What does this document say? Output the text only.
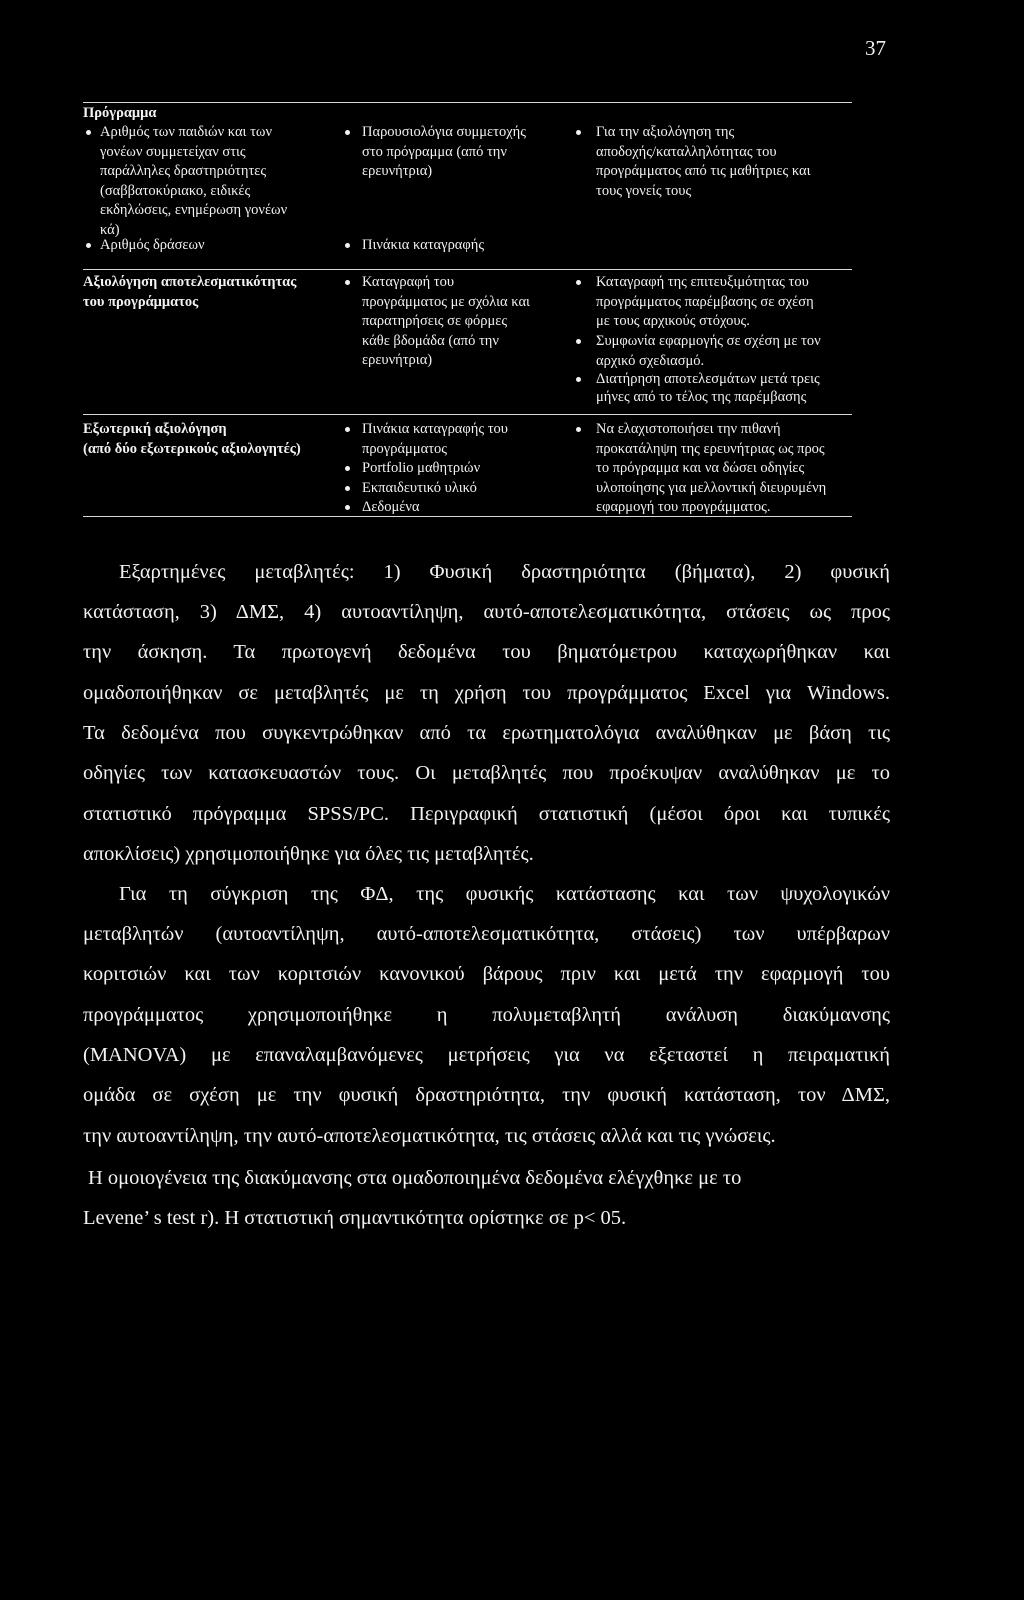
37
Πρόγραμμα
Αριθμός των παιδιών και των
γονέων συμμετείχαν στις
παράλληλες δραστηριότητες
(σαββατοκύριακο, ειδικές
εκδηλώσεις, ενημέρωση γονέων
κά)
Αριθμός δράσεων
Παρουσιολόγια συμμετοχής
στο πρόγραμμα (από την
ερευνήτρια)
Πινάκια καταγραφής
Για την αξιολόγηση της
αποδοχής/καταλληλότητας του
προγράμματος από τις μαθήτριες και
τους γονείς τους
Αξιολόγηση αποτελεσματικότητας
του προγράμματος
Καταγραφή του
προγράμματος με σχόλια και
παρατηρήσεις σε φόρμες
κάθε βδομάδα (από την
ερευνήτρια)
Καταγραφή της επιτευξιμότητας του
προγράμματος παρέμβασης σε σχέση
με τους αρχικούς στόχους.
Συμφωνία εφαρμογής σε σχέση με τον
αρχικό σχεδιασμό.
Διατήρηση αποτελεσμάτων μετά τρεις
μήνες από το τέλος της παρέμβασης
Εξωτερική αξιολόγηση
(από δύο εξωτερικούς αξιολογητές)
Πινάκια καταγραφής του
προγράμματος
Portfolio μαθητριών
Εκπαιδευτικό υλικό
Δεδομένα
Να ελαχιστοποιήσει την πιθανή
προκατάληψη της ερευνήτριας ως προς
το πρόγραμμα και να δώσει οδηγίες
υλοποίησης για μελλοντική διευρυμένη
εφαρμογή του προγράμματος.
Εξαρτημένες μεταβλητές: 1) Φυσική δραστηριότητα (βήματα), 2) φυσική
κατάσταση, 3) ΔΜΣ, 4) αυτοαντίληψη, αυτό-αποτελεσματικότητα, στάσεις ως προς
την άσκηση. Τα πρωτογενή δεδομένα του βηματόμετρου καταχωρήθηκαν και
ομαδοποιήθηκαν σε μεταβλητές με τη χρήση του προγράμματος Excel για Windows.
Τα δεδομένα που συγκεντρώθηκαν από τα ερωτηματολόγια αναλύθηκαν με βάση τις
οδηγίες των κατασκευαστών τους. Οι μεταβλητές που προέκυψαν αναλύθηκαν με το
στατιστικό πρόγραμμα SPSS/PC. Περιγραφική στατιστική (μέσοι όροι και τυπικές
αποκλίσεις) χρησιμοποιήθηκε για όλες τις μεταβλητές.
Για τη σύγκριση της ΦΔ, της φυσικής κατάστασης και των ψυχολογικών
μεταβλητών (αυτοαντίληψη, αυτό-αποτελεσματικότητα, στάσεις) των υπέρβαρων
κοριτσιών και των κοριτσιών κανονικού βάρους πριν και μετά την εφαρμογή του
προγράμματος χρησιμοποιήθηκε η πολυμεταβλητή ανάλυση διακύμανσης
(MANOVA) με επαναλαμβανόμενες μετρήσεις για να εξεταστεί η πειραματική
ομάδα σε σχέση με την φυσική δραστηριότητα, την φυσική κατάσταση, τον ΔΜΣ,
την αυτοαντίληψη, την αυτό-αποτελεσματικότητα, τις στάσεις αλλά και τις γνώσεις.
Η ομοιογένεια της διακύμανσης στα ομαδοποιημένα δεδομένα ελέγχθηκε με το
Levene’ s test r). Η στατιστική σημαντικότητα ορίστηκε σε p< 05.
